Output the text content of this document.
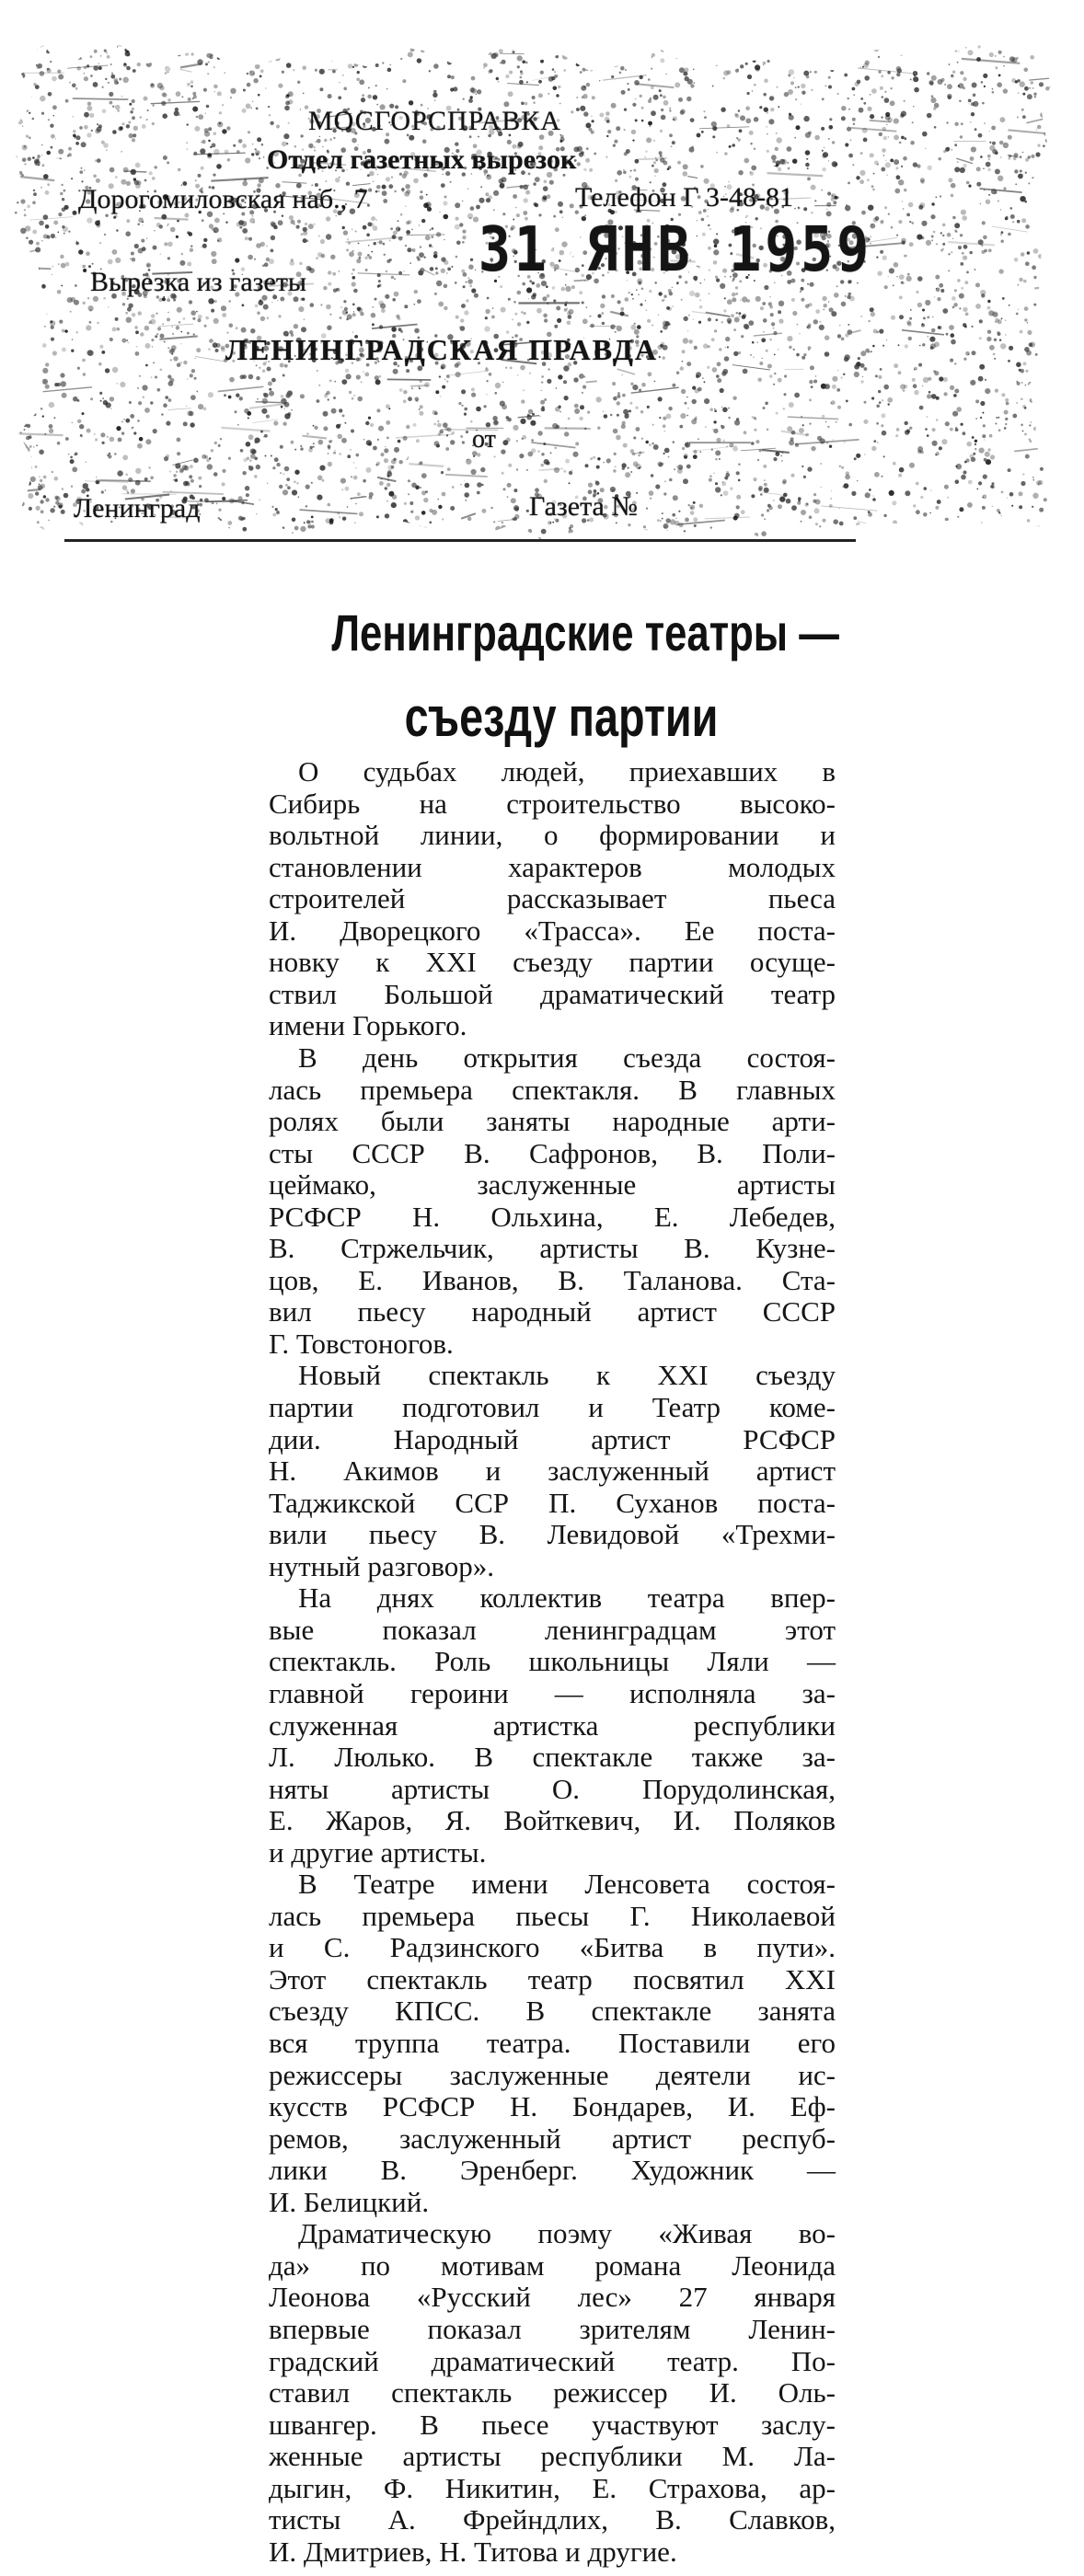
МОСГОРСПРАВКА
Отдел газетных вырезок
Дорогомиловская наб., 7	Телефон Г 3-48-81
31 ЯНВ 1959
Вырезка из газеты
ЛЕНИНГРАДСКАЯ ПРАВДА
от
Ленинград	Газета №
Ленинградские театры —
съезду партии
О судьбах людей, приехавших в
Сибирь на строительство высоко-
вольтной линии, о формировании и
становлении характеров молодых
строителей рассказывает пьеса
И. Дворецкого «Трасса». Ее поста-
новку к XXI съезду партии осуще-
ствил Большой драматический театр
имени Горького.
В день открытия съезда состоя-
лась премьера спектакля. В главных
ролях были заняты народные арти-
сты СССР В. Сафронов, В. Поли-
цеймако, заслуженные артисты
РСФСР Н. Ольхина, Е. Лебедев,
В. Стржельчик, артисты В. Кузне-
цов, Е. Иванов, В. Таланова. Ста-
вил пьесу народный артист СССР
Г. Товстоногов.
Новый спектакль к XXI съезду
партии подготовил и Театр коме-
дии. Народный артист РСФСР
Н. Акимов и заслуженный артист
Таджикской ССР П. Суханов поста-
вили пьесу В. Левидовой «Трехми-
нутный разговор».
На днях коллектив театра впер-
вые показал ленинградцам этот
спектакль. Роль школьницы Ляли —
главной героини — исполняла за-
служенная артистка республики
Л. Люлько. В спектакле также за-
няты артисты О. Порудолинская,
Е. Жаров, Я. Войткевич, И. Поляков
и другие артисты.
В Театре имени Ленсовета состоя-
лась премьера пьесы Г. Николаевой
и С. Радзинского «Битва в пути».
Этот спектакль театр посвятил XXI
съезду КПСС. В спектакле занята
вся труппа театра. Поставили его
режиссеры заслуженные деятели ис-
кусств РСФСР Н. Бондарев, И. Еф-
ремов, заслуженный артист респуб-
лики В. Эренберг. Художник —
И. Белицкий.
Драматическую поэму «Живая во-
да» по мотивам романа Леонида
Леонова «Русский лес» 27 января
впервые показал зрителям Ленин-
градский драматический театр. По-
ставил спектакль режиссер И. Оль-
швангер. В пьесе участвуют заслу-
женные артисты республики М. Ла-
дыгин, Ф. Никитин, Е. Страхова, ар-
тисты А. Фрейндлих, В. Славков,
И. Дмитриев, Н. Титова и другие.
